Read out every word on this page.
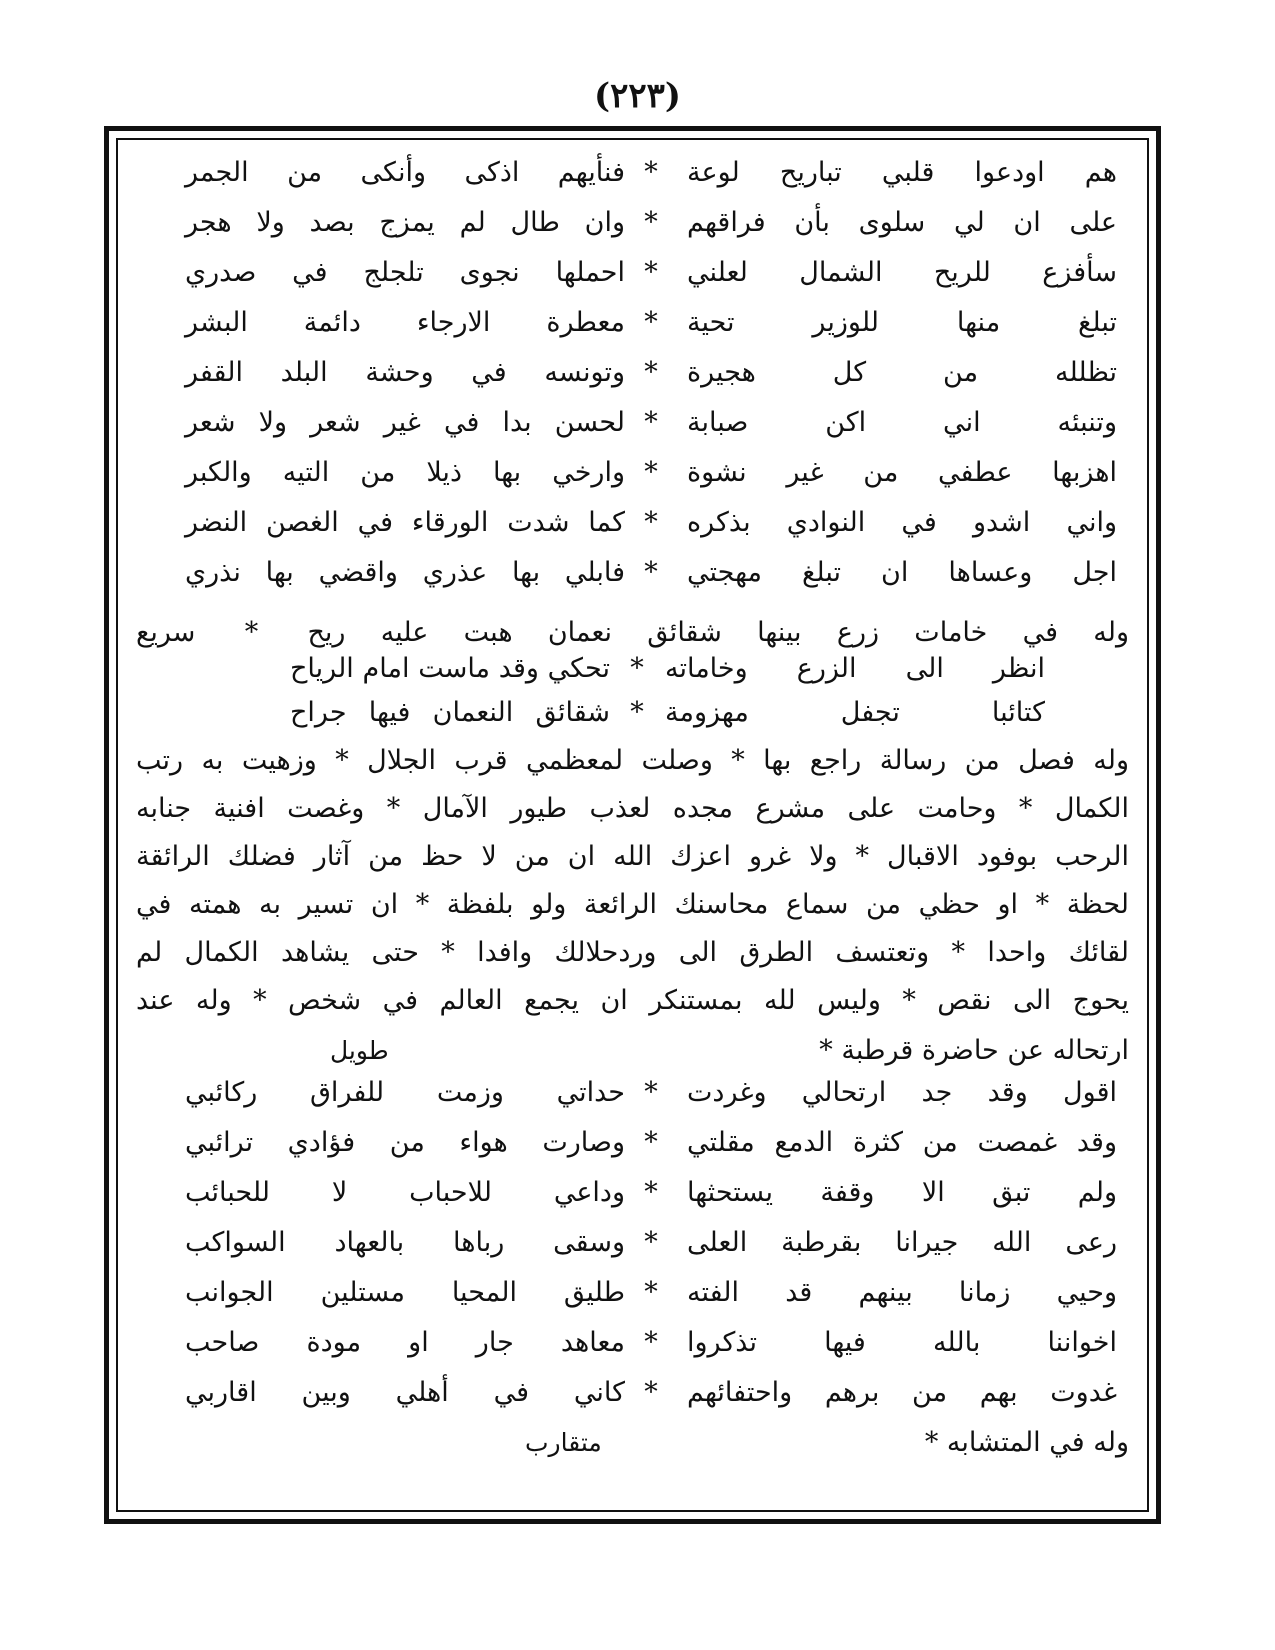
(٢٢٣)
هم اودعوا قلبي تباريح لوعة
*
فنأيهم اذكى وأنكى من الجمر
على ان لي سلوى بأن فراقهم
*
وان طال لم يمزج بصد ولا هجر
سأفزع للريح الشمال لعلني
*
احملها نجوى تلجلج في صدري
تبلغ منها للوزير تحية
*
معطرة الارجاء دائمة البشر
تظلله من كل هجيرة
*
وتونسه في وحشة البلد القفر
وتنبئه اني اكن صبابة
*
لحسن بدا في غير شعر ولا شعر
اهزبها عطفي من غير نشوة
*
وارخي بها ذيلا من التيه والكبر
واني اشدو في النوادي بذكره
*
كما شدت الورقاء في الغصن النضر
اجل وعساها ان تبلغ مهجتي
*
فابلي بها عذري واقضي بها نذري
وله في خامات زرع بينها شقائق نعمان هبت عليه ريح * سريع
انظر الى الزرع وخاماته
*
تحكي وقد ماست امام الرياح
كتائبا تجفل مهزومة
*
شقائق النعمان فيها جراح
وله فصل من رسالة راجع بها * وصلت لمعظمي قرب الجلال * وزهيت به رتب
الكمال * وحامت على مشرع مجده لعذب طيور الآمال * وغصت افنية جنابه
الرحب بوفود الاقبال * ولا غرو اعزك الله ان من لا حظ من آثار فضلك الرائقة
لحظة * او حظي من سماع محاسنك الرائعة ولو بلفظة * ان تسير به همته في
لقائك واحدا * وتعتسف الطرق الى وردحلالك وافدا * حتى يشاهد الكمال لم
يحوج الى نقص * وليس لله بمستنكر ان يجمع العالم في شخص * وله عند
ارتحاله عن حاضرة قرطبة *
طويل
اقول وقد جد ارتحالي وغردت
*
حداتي وزمت للفراق ركائبي
وقد غمصت من كثرة الدمع مقلتي
*
وصارت هواء من فؤادي ترائبي
ولم تبق الا وقفة يستحثها
*
وداعي للاحباب لا للحبائب
رعى الله جيرانا بقرطبة العلى
*
وسقى رباها بالعهاد السواكب
وحيي زمانا بينهم قد الفته
*
طليق المحيا مستلين الجوانب
اخواننا بالله فيها تذكروا
*
معاهد جار او مودة صاحب
غدوت بهم من برهم واحتفائهم
*
كاني في أهلي وبين اقاربي
وله في المتشابه *
متقارب
